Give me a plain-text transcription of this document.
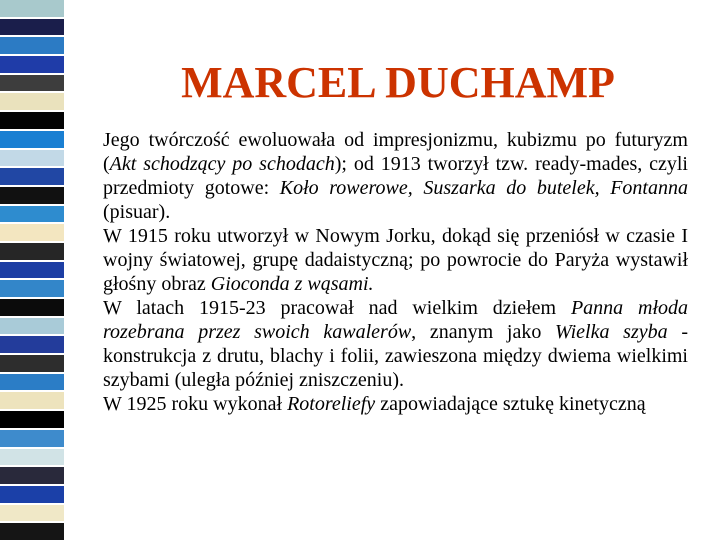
MARCEL DUCHAMP

Jego twórczość ewoluowała od impresjonizmu, kubizmu po futuryzm (Akt schodzący po schodach); od 1913 tworzył tzw. ready-mades, czyli przedmioty gotowe: Koło rowerowe, Suszarka do butelek, Fontanna (pisuar).

W 1915 roku utworzył w Nowym Jorku, dokąd się przeniósł w czasie I wojny światowej, grupę dadaistyczną; po powrocie do Paryża wystawił głośny obraz Gioconda z wąsami.

W latach 1915-23 pracował nad wielkim dziełem Panna młoda rozebrana przez swoich kawalerów, znanym jako Wielka szyba - konstrukcja z drutu, blachy i folii, zawieszona między dwiema wielkimi szybami (uległa później zniszczeniu).

W 1925 roku wykonał Rotoreliefy zapowiadające sztukę kinetyczną
